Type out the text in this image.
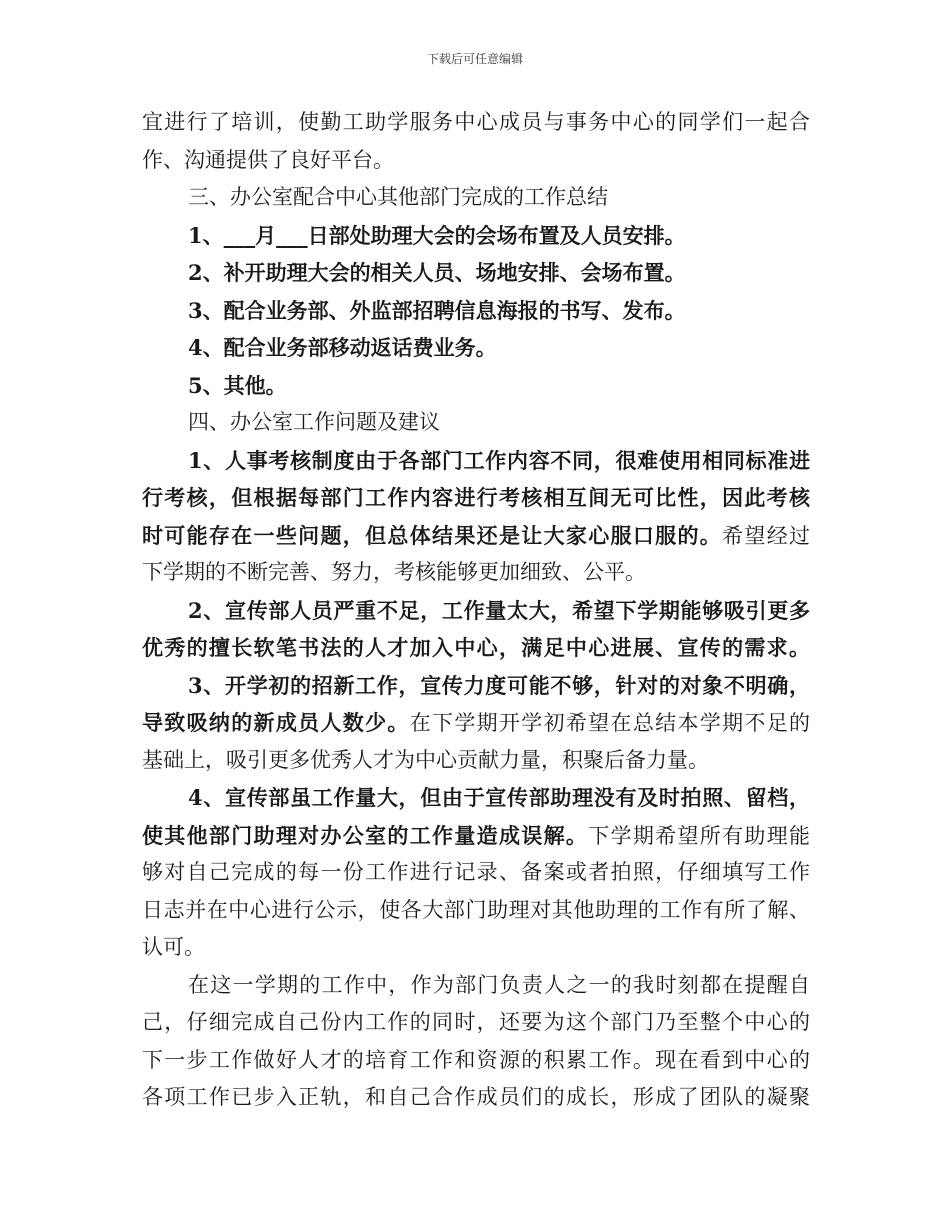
下载后可任意编辑
宜进行了培训，使勤工助学服务中心成员与事务中心的同学们一起合
作、沟通提供了良好平台。
三、办公室配合中心其他部门完成的工作总结
1、___月___日部处助理大会的会场布置及人员安排。
2、补开助理大会的相关人员、场地安排、会场布置。
3、配合业务部、外监部招聘信息海报的书写、发布。
4、配合业务部移动返话费业务。
5、其他。
四、办公室工作问题及建议
1、人事考核制度由于各部门工作内容不同，很难使用相同标准进
行考核，但根据每部门工作内容进行考核相互间无可比性，因此考核
时可能存在一些问题，但总体结果还是让大家心服口服的。希望经过
下学期的不断完善、努力，考核能够更加细致、公平。
2、宣传部人员严重不足，工作量太大，希望下学期能够吸引更多
优秀的擅长软笔书法的人才加入中心，满足中心进展、宣传的需求。
3、开学初的招新工作，宣传力度可能不够，针对的对象不明确，
导致吸纳的新成员人数少。在下学期开学初希望在总结本学期不足的
基础上，吸引更多优秀人才为中心贡献力量，积聚后备力量。
4、宣传部虽工作量大，但由于宣传部助理没有及时拍照、留档，
使其他部门助理对办公室的工作量造成误解。下学期希望所有助理能
够对自己完成的每一份工作进行记录、备案或者拍照，仔细填写工作
日志并在中心进行公示，使各大部门助理对其他助理的工作有所了解、
认可。
在这一学期的工作中，作为部门负责人之一的我时刻都在提醒自
己，仔细完成自己份内工作的同时，还要为这个部门乃至整个中心的
下一步工作做好人才的培育工作和资源的积累工作。现在看到中心的
各项工作已步入正轨，和自己合作成员们的成长，形成了团队的凝聚
